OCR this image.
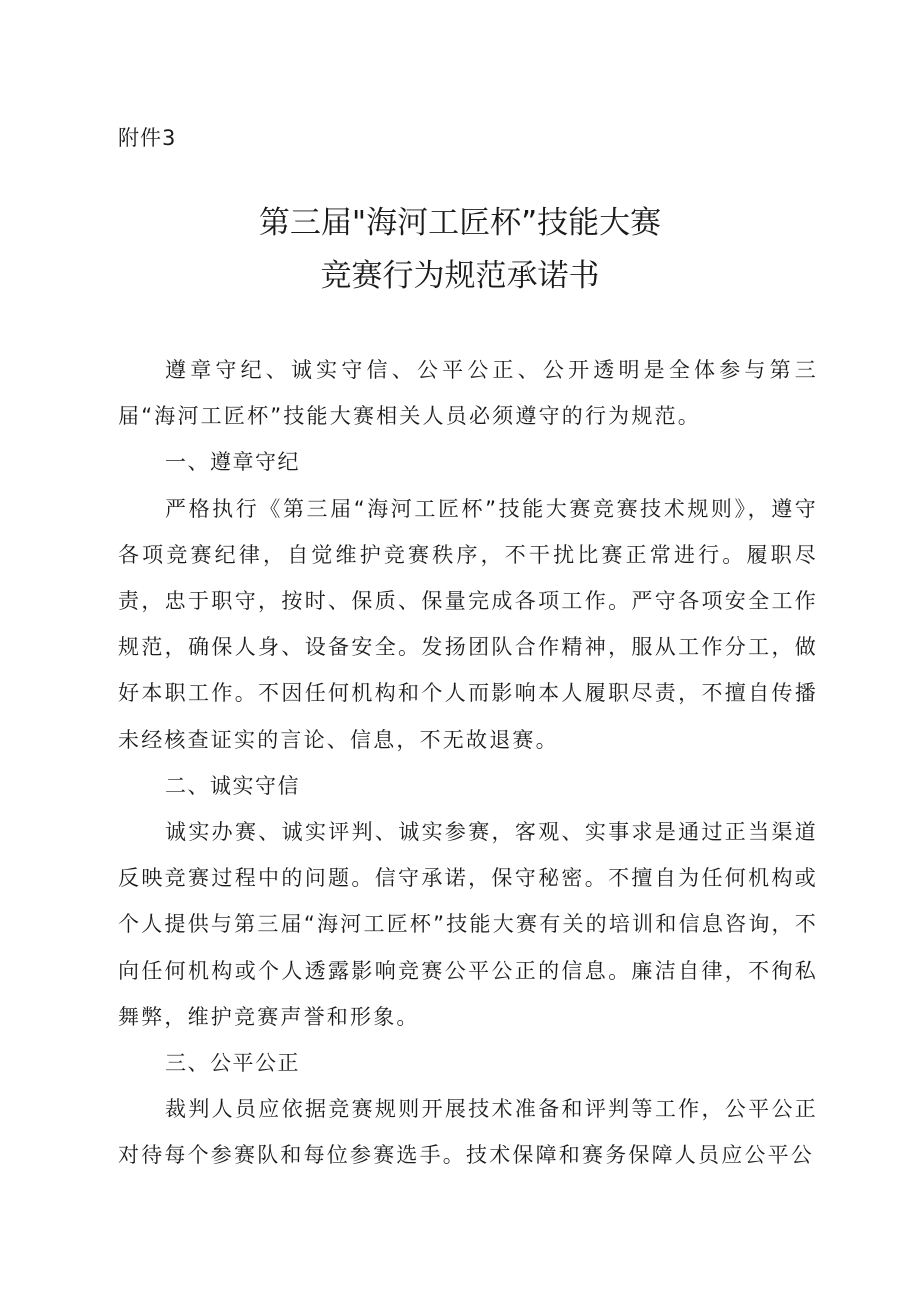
附件3
第三届"海河工匠杯”技能大赛
竞赛行为规范承诺书

遵章守纪、诚实守信、公平公正、公开透明是全体参与第三届“海河工匠杯”技能大赛相关人员必须遵守的行为规范。

一、遵章守纪

严格执行《第三届“海河工匠杯”技能大赛竞赛技术规则》，遵守各项竞赛纪律，自觉维护竞赛秩序，不干扰比赛正常进行。履职尽责，忠于职守，按时、保质、保量完成各项工作。严守各项安全工作规范，确保人身、设备安全。发扬团队合作精神，服从工作分工，做好本职工作。不因任何机构和个人而影响本人履职尽责，不擅自传播未经核查证实的言论、信息，不无故退赛。

二、诚实守信

诚实办赛、诚实评判、诚实参赛，客观、实事求是通过正当渠道反映竞赛过程中的问题。信守承诺，保守秘密。不擅自为任何机构或个人提供与第三届“海河工匠杯”技能大赛有关的培训和信息咨询，不向任何机构或个人透露影响竞赛公平公正的信息。廉洁自律，不徇私舞弊，维护竞赛声誉和形象。

三、公平公正

裁判人员应依据竞赛规则开展技术准备和评判等工作，公平公正对待每个参赛队和每位参赛选手。技术保障和赛务保障人员应公平公
